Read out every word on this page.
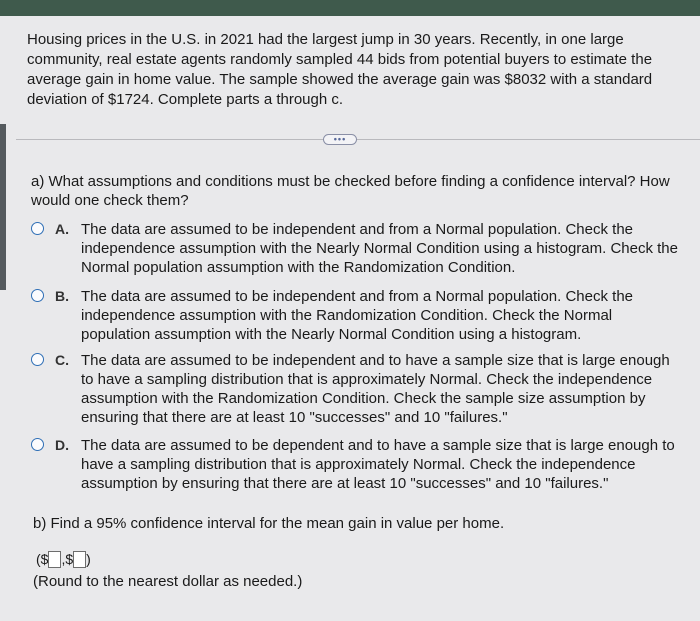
Housing prices in the U.S. in 2021 had the largest jump in 30 years. Recently, in one large community, real estate agents randomly sampled 44 bids from potential buyers to estimate the average gain in home value. The sample showed the average gain was $8032 with a standard deviation of $1724. Complete parts a through c.
•••
a) What assumptions and conditions must be checked before finding a confidence interval? How would one check them?
A. The data are assumed to be independent and from a Normal population. Check the independence assumption with the Nearly Normal Condition using a histogram. Check the Normal population assumption with the Randomization Condition.
B. The data are assumed to be independent and from a Normal population. Check the independence assumption with the Randomization Condition. Check the Normal population assumption with the Nearly Normal Condition using a histogram.
C. The data are assumed to be independent and to have a sample size that is large enough to have a sampling distribution that is approximately Normal. Check the independence assumption with the Randomization Condition. Check the sample size assumption by ensuring that there are at least 10 "successes" and 10 "failures."
D. The data are assumed to be dependent and to have a sample size that is large enough to have a sampling distribution that is approximately Normal. Check the independence assumption by ensuring that there are at least 10 "successes" and 10 "failures."
b) Find a 95% confidence interval for the mean gain in value per home.
($ ,$ )
(Round to the nearest dollar as needed.)
